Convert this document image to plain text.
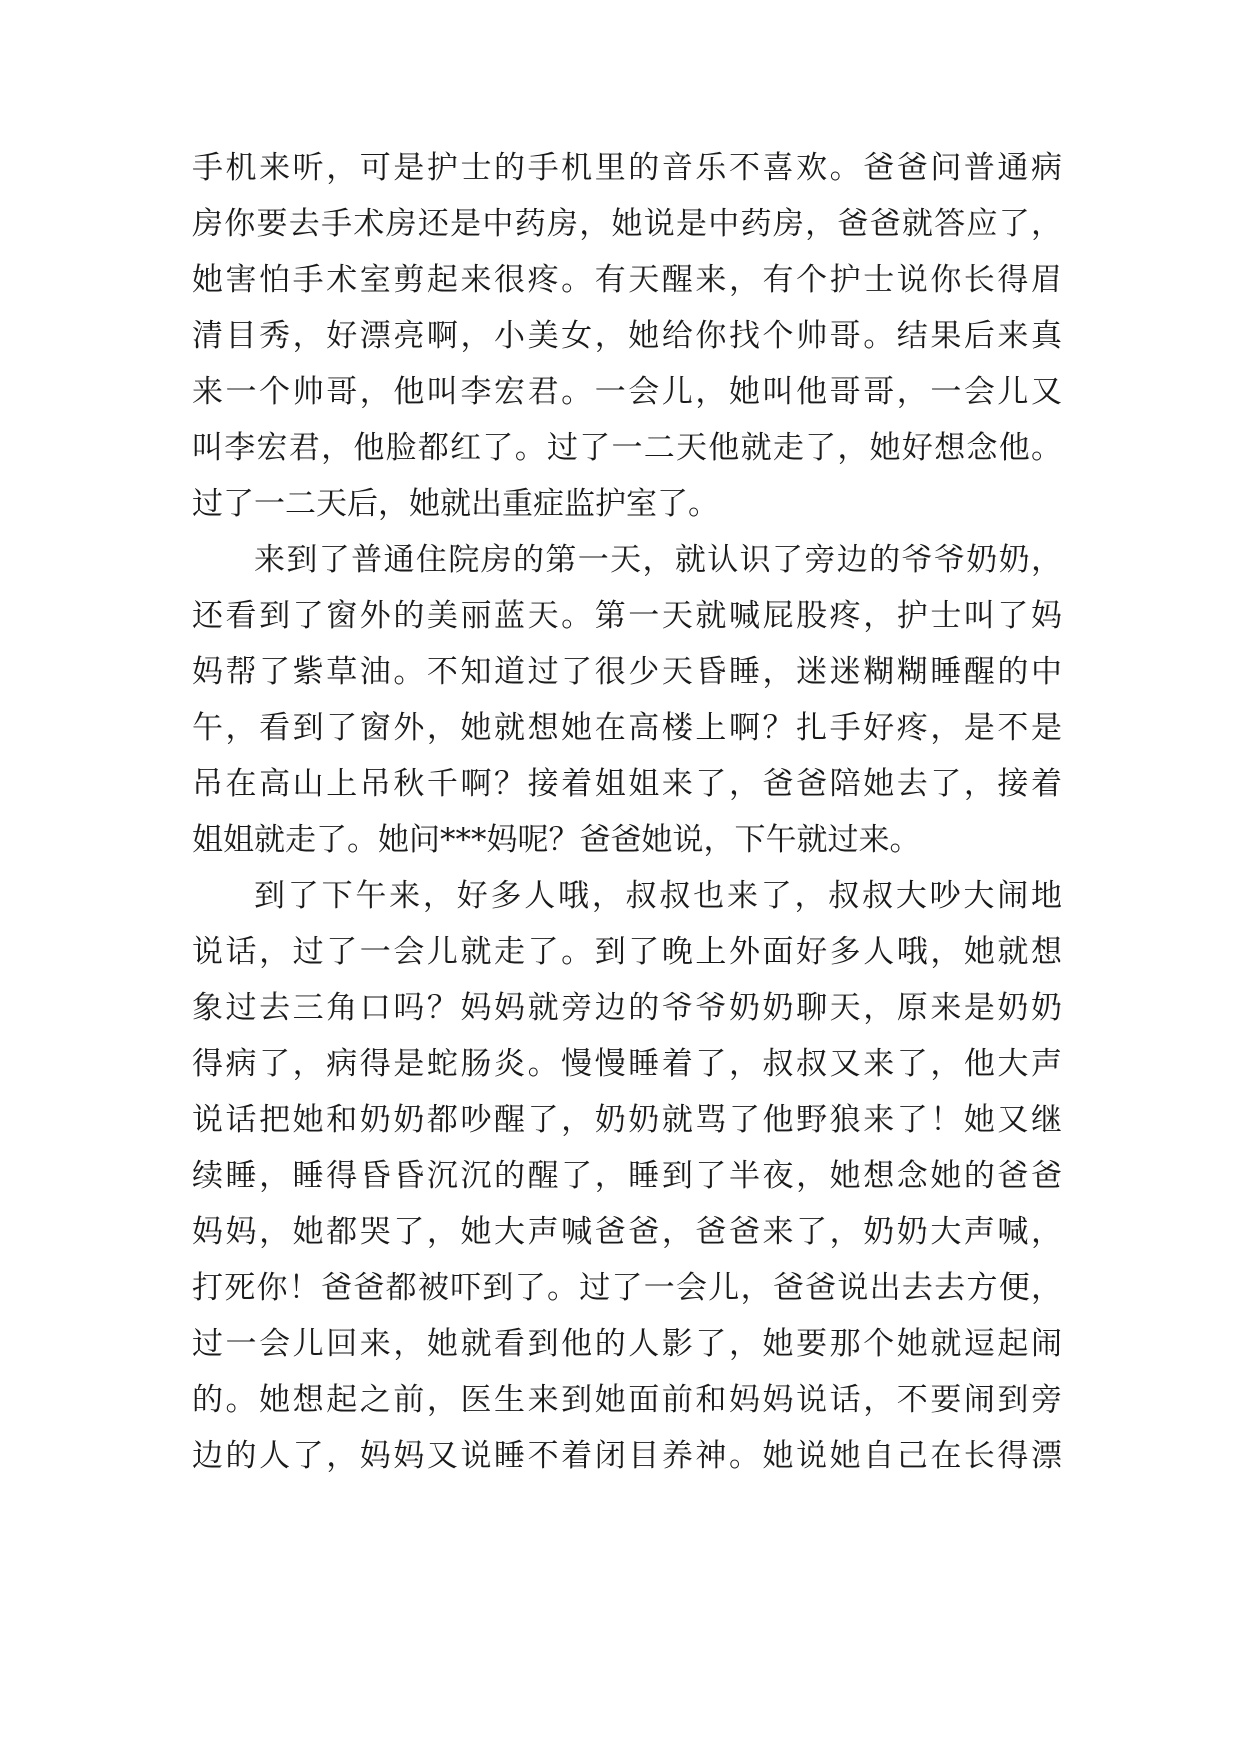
手机来听，可是护士的手机里的音乐不喜欢。爸爸问普通病
房你要去手术房还是中药房，她说是中药房，爸爸就答应了，
她害怕手术室剪起来很疼。有天醒来，有个护士说你长得眉
清目秀，好漂亮啊，小美女，她给你找个帅哥。结果后来真
来一个帅哥，他叫李宏君。一会儿，她叫他哥哥，一会儿又
叫李宏君，他脸都红了。过了一二天他就走了，她好想念他。
过了一二天后，她就出重症监护室了。
来到了普通住院房的第一天，就认识了旁边的爷爷奶奶，
还看到了窗外的美丽蓝天。第一天就喊屁股疼，护士叫了妈
妈帮了紫草油。不知道过了很少天昏睡，迷迷糊糊睡醒的中
午，看到了窗外，她就想她在高楼上啊？扎手好疼，是不是
吊在高山上吊秋千啊？接着姐姐来了，爸爸陪她去了，接着
姐姐就走了。她问***妈呢？爸爸她说，下午就过来。
到了下午来，好多人哦，叔叔也来了，叔叔大吵大闹地
说话，过了一会儿就走了。到了晚上外面好多人哦，她就想
象过去三角口吗？妈妈就旁边的爷爷奶奶聊天，原来是奶奶
得病了，病得是蛇肠炎。慢慢睡着了，叔叔又来了，他大声
说话把她和奶奶都吵醒了，奶奶就骂了他野狼来了！她又继
续睡，睡得昏昏沉沉的醒了，睡到了半夜，她想念她的爸爸
妈妈，她都哭了，她大声喊爸爸，爸爸来了，奶奶大声喊，
打死你！爸爸都被吓到了。过了一会儿，爸爸说出去去方便，
过一会儿回来，她就看到他的人影了，她要那个她就逗起闹
的。她想起之前，医生来到她面前和妈妈说话，不要闹到旁
边的人了，妈妈又说睡不着闭目养神。她说她自己在长得漂
